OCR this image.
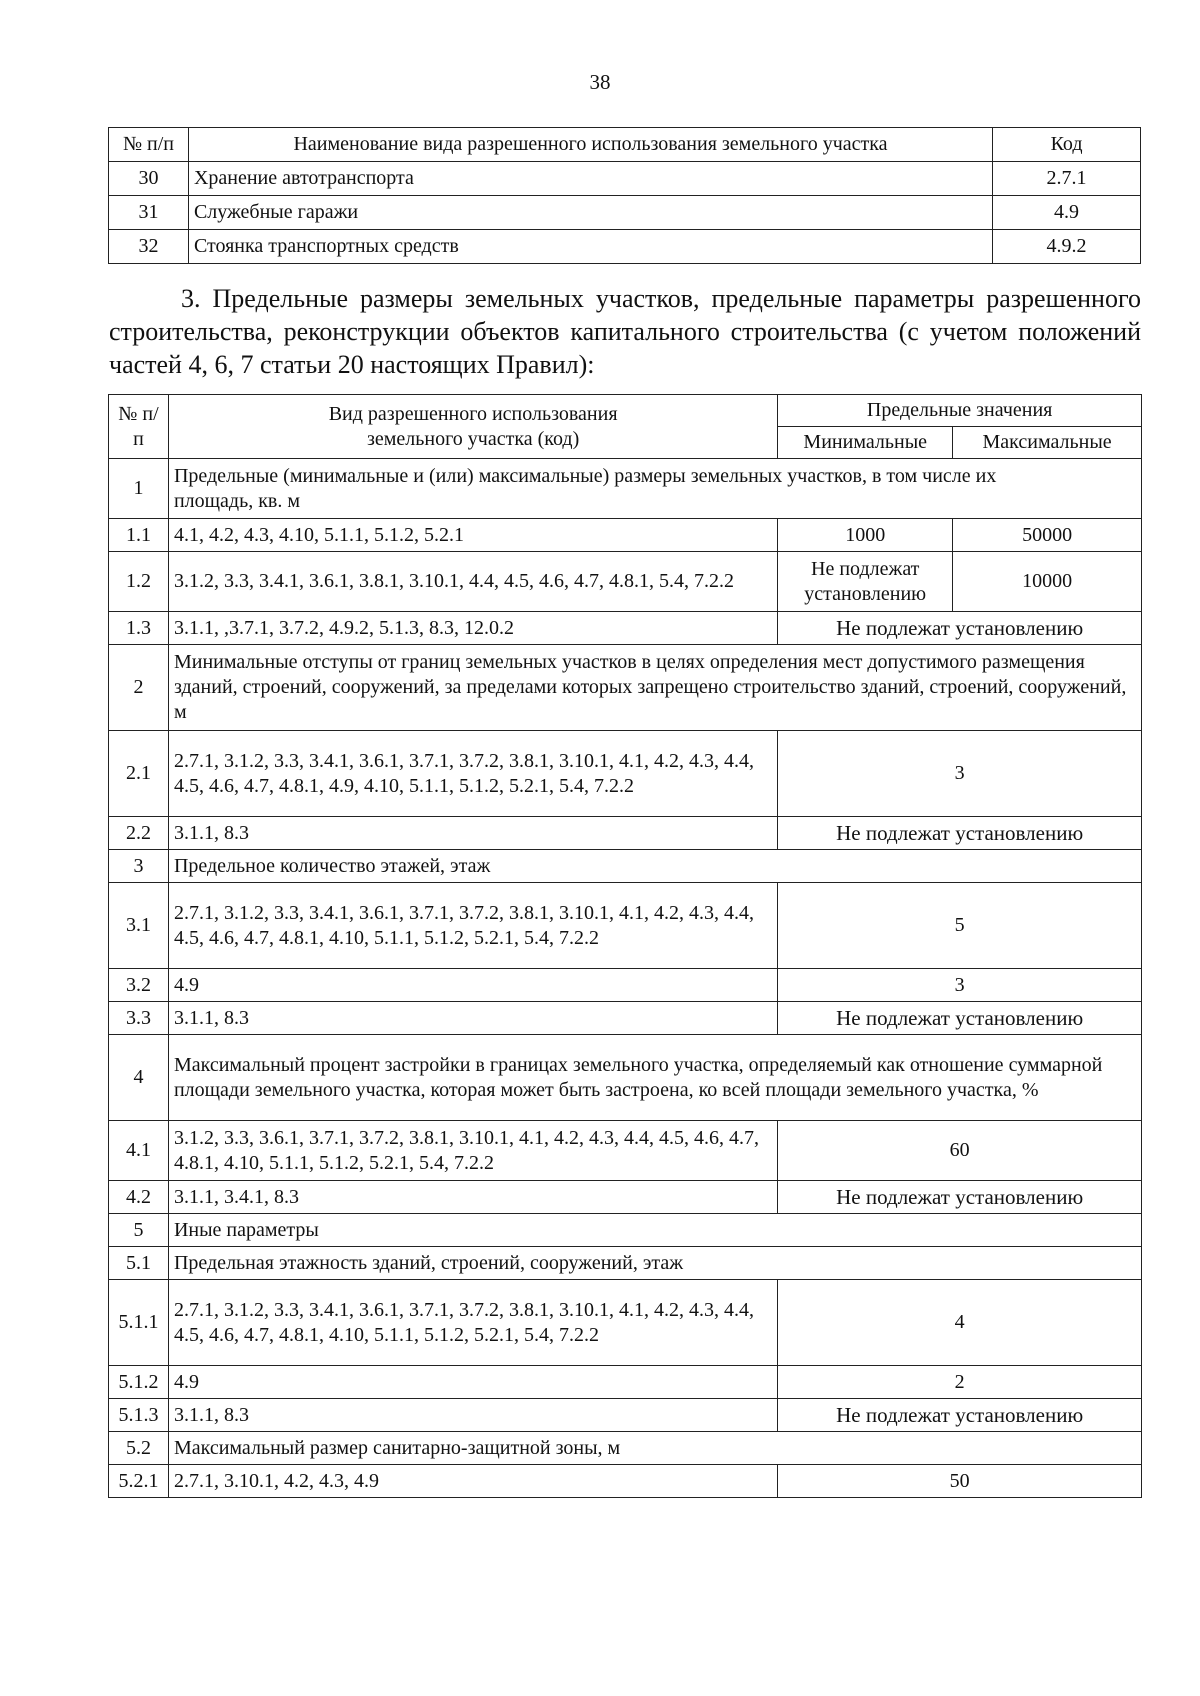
38
№ п/п	Наименование вида разрешенного использования земельного участка	Код
30	Хранение автотранспорта	2.7.1
31	Служебные гаражи	4.9
32	Стоянка транспортных средств	4.9.2
3. Предельные размеры земельных участков, предельные параметры разрешенного строительства, реконструкции объектов капитального строительства (с учетом положений частей 4, 6, 7 статьи 20 настоящих Правил):
№ п/п	Вид разрешенного использования земельного участка (код)	Предельные значения	
		Минимальные	Максимальные
1	Предельные (минимальные и (или) максимальные) размеры земельных участков, в том числе их площадь, кв. м		
1.1	4.1, 4.2, 4.3, 4.10, 5.1.1, 5.1.2, 5.2.1	1000	50000
1.2	3.1.2, 3.3, 3.4.1, 3.6.1, 3.8.1, 3.10.1, 4.4, 4.5, 4.6, 4.7, 4.8.1, 5.4, 7.2.2	Не подлежат установлению	10000
1.3	3.1.1, ,3.7.1, 3.7.2, 4.9.2, 5.1.3, 8.3, 12.0.2	Не подлежат установлению	
2	Минимальные отступы от границ земельных участков в целях определения мест допустимого размещения зданий, строений, сооружений, за пределами которых запрещено строительство зданий, строений, сооружений, м		
2.1	2.7.1, 3.1.2, 3.3, 3.4.1, 3.6.1, 3.7.1, 3.7.2, 3.8.1, 3.10.1, 4.1, 4.2, 4.3, 4.4, 4.5, 4.6, 4.7, 4.8.1, 4.9, 4.10, 5.1.1, 5.1.2, 5.2.1, 5.4, 7.2.2	3	
2.2	3.1.1, 8.3	Не подлежат установлению	
3	Предельное количество этажей, этаж		
3.1	2.7.1, 3.1.2, 3.3, 3.4.1, 3.6.1, 3.7.1, 3.7.2, 3.8.1, 3.10.1, 4.1, 4.2, 4.3, 4.4, 4.5, 4.6, 4.7, 4.8.1, 4.10, 5.1.1, 5.1.2, 5.2.1, 5.4, 7.2.2	5	
3.2	4.9	3	
3.3	3.1.1, 8.3	Не подлежат установлению	
4	Максимальный процент застройки в границах земельного участка, определяемый как отношение суммарной площади земельного участка, которая может быть застроена, ко всей площади земельного участка, %		
4.1	3.1.2, 3.3, 3.6.1, 3.7.1, 3.7.2, 3.8.1, 3.10.1, 4.1, 4.2, 4.3, 4.4, 4.5, 4.6, 4.7, 4.8.1, 4.10, 5.1.1, 5.1.2, 5.2.1, 5.4, 7.2.2	60	
4.2	3.1.1, 3.4.1, 8.3	Не подлежат установлению	
5	Иные параметры		
5.1	Предельная этажность зданий, строений, сооружений, этаж		
5.1.1	2.7.1, 3.1.2, 3.3, 3.4.1, 3.6.1, 3.7.1, 3.7.2, 3.8.1, 3.10.1, 4.1, 4.2, 4.3, 4.4, 4.5, 4.6, 4.7, 4.8.1, 4.10, 5.1.1, 5.1.2, 5.2.1, 5.4, 7.2.2	4	
5.1.2	4.9	2	
5.1.3	3.1.1, 8.3	Не подлежат установлению	
5.2	Максимальный размер санитарно-защитной зоны, м		
5.2.1	2.7.1, 3.10.1, 4.2, 4.3, 4.9	50	
